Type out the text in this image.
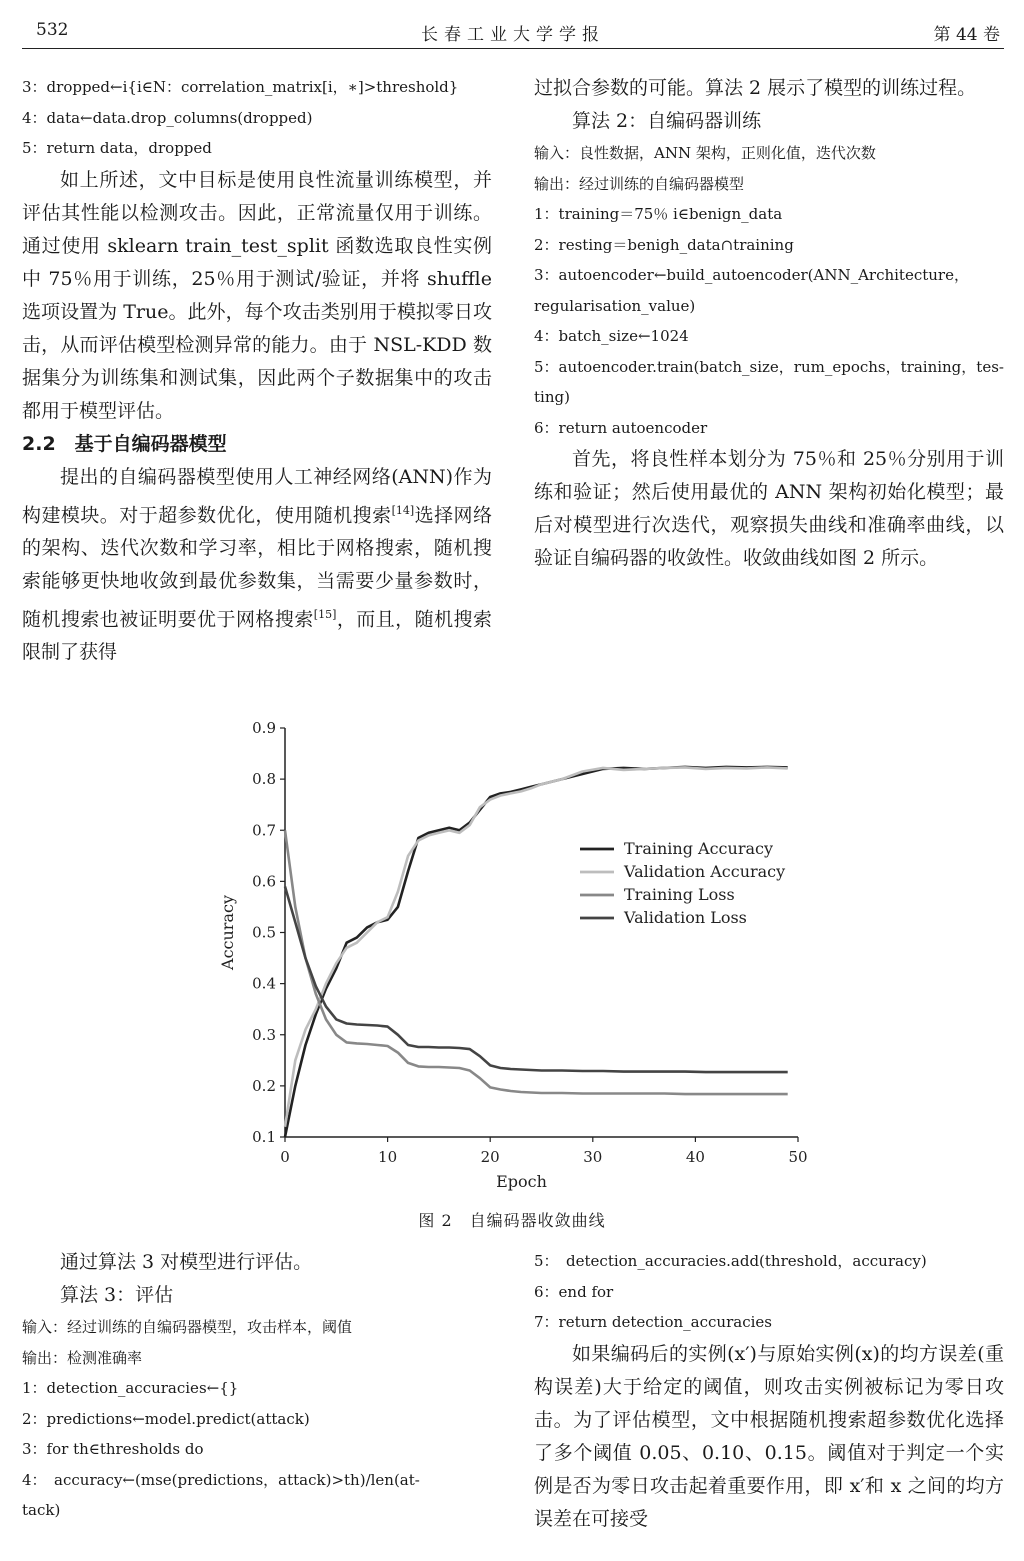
532	长春工业大学学报	第 44 卷
3：dropped←i{i∈N：correlation_matrix[i，∗]>threshold}
4：data←data.drop_columns(dropped)
5：return data，dropped

如上所述，文中目标是使用良性流量训练模型，并评估其性能以检测攻击。因此，正常流量仅用于训练。通过使用 sklearn train_test_split 函数选取良性实例中 75％用于训练，25％用于测试/验证，并将 shuffle 选项设置为 True。此外，每个攻击类别用于模拟零日攻击，从而评估模型检测异常的能力。由于 NSL-KDD 数据集分为训练集和测试集，因此两个子数据集中的攻击都用于模型评估。

2.2　基于自编码器模型

提出的自编码器模型使用人工神经网络(ANN)作为构建模块。对于超参数优化，使用随机搜索[14]选择网络的架构、迭代次数和学习率，相比于网格搜索，随机搜索能够更快地收敛到最优参数集，当需要少量参数时，随机搜索也被证明要优于网格搜索[15]，而且，随机搜索限制了获得

过拟合参数的可能。算法 2 展示了模型的训练过程。

算法 2：自编码器训练

输入：良性数据，ANN 架构，正则化值，迭代次数
输出：经过训练的自编码器模型
1：training＝75％ i∈benign_data
2：resting＝benigh_data∩training
3：autoencoder←build_autoencoder(ANN_Architecture，
regularisation_value)
4：batch_size←1024
5：autoencoder.train(batch_size，rum_epochs，training，tes-
ting)
6：return autoencoder

首先，将良性样本划分为 75％和 25％分别用于训练和验证；然后使用最优的 ANN 架构初始化模型；最后对模型进行次迭代，观察损失曲线和准确率曲线，以验证自编码器的收敛性。收敛曲线如图 2 所示。

0.1
0.2
0.3
0.4
0.5
0.6
0.7
0.8
0.9
0	10	20	30	40	50
Epoch
Accuracy
Training Accuracy
Validation Accuracy
Training Loss
Validation Loss
图 2　自编码器收敛曲线

通过算法 3 对模型进行评估。

算法 3：评估

输入：经过训练的自编码器模型，攻击样本，阈值
输出：检测准确率
1：detection_accuracies←{}
2：predictions←model.predict(attack)
3：for th∈thresholds do
4：　accuracy←(mse(predictions，attack)>th)/len(at-
tack)
5：　detection_accuracies.add(threshold，accuracy)
6：end for
7：return detection_accuracies

如果编码后的实例(x′)与原始实例(x)的均方误差(重构误差)大于给定的阈值，则攻击实例被标记为零日攻击。为了评估模型，文中根据随机搜索超参数优化选择了多个阈值 0.05、0.10、0.15。阈值对于判定一个实例是否为零日攻击起着重要作用，即 x′和 x 之间的均方误差在可接受
